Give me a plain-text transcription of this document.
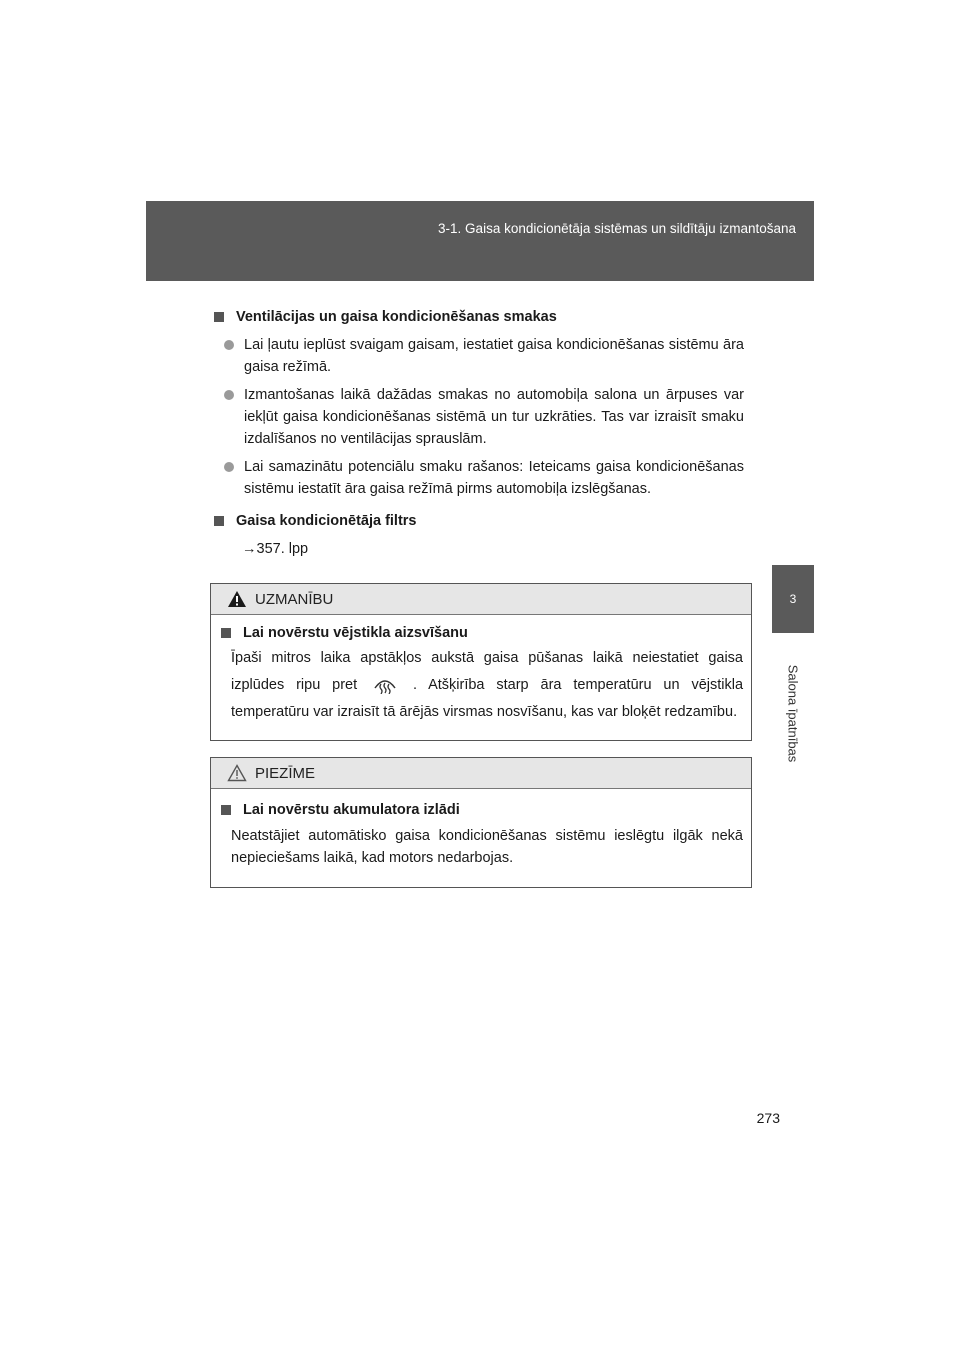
3-1. Gaisa kondicionētāja sistēmas un sildītāju izmantošana
3
Salona īpatnības
Ventilācijas un gaisa kondicionēšanas smakas
Lai ļautu ieplūst svaigam gaisam, iestatiet gaisa kondicionēšanas sistēmu āra gaisa režīmā.
Izmantošanas laikā dažādas smakas no automobiļa salona un ārpuses var iekļūt gaisa kondicionēšanas sistēmā un tur uzkrāties. Tas var izraisīt smaku izdalīšanos no ventilācijas sprauslām.
Lai samazinātu potenciālu smaku rašanos: Ieteicams gaisa kondicionēšanas sistēmu iestatīt āra gaisa režīmā pirms automobiļa izslēgšanas.
Gaisa kondicionētāja filtrs
→357. lpp
UZMANĪBU
Lai novērstu vējstikla aizsvīšanu
Īpaši mitros laika apstākļos aukstā gaisa pūšanas laikā neiestatiet gaisa izplūdes ripu pret	. Atšķirība starp āra temperatūru un vējstikla temperatūru var izraisīt tā ārējās virsmas nosvīšanu, kas var bloķēt redzamību.
PIEZĪME
Lai novērstu akumulatora izlādi
Neatstājiet automātisko gaisa kondicionēšanas sistēmu ieslēgtu ilgāk nekā nepieciešams laikā, kad motors nedarbojas.
273
